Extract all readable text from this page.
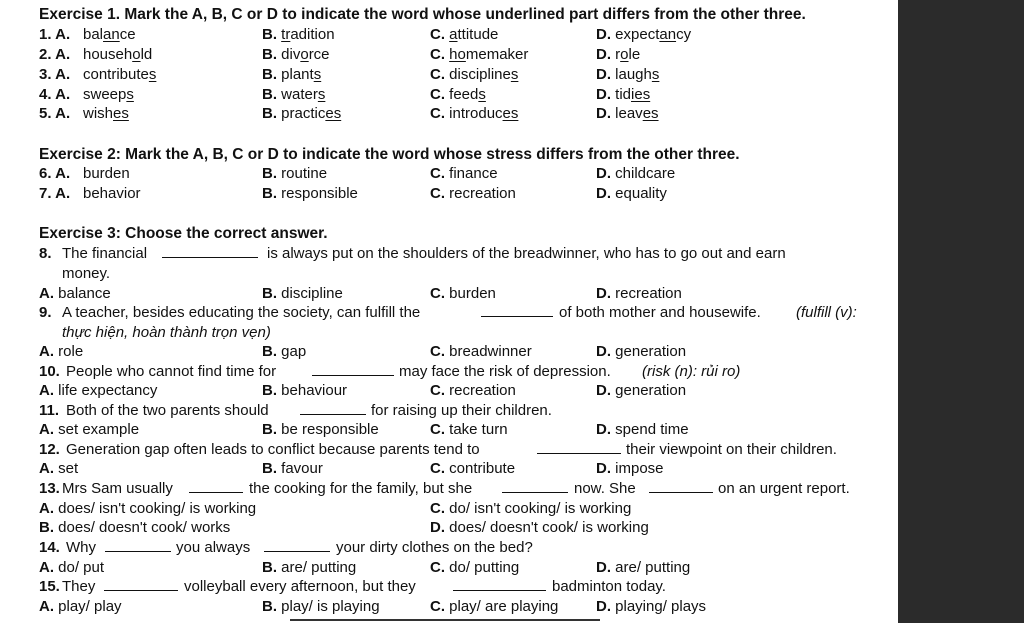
Exercise 1. Mark the A, B, C or D to indicate the word whose underlined part differs from the other three.
1. A. balance	B. tradition	C. attitude	D. expectancy
2. A. household	B. divorce	C. homemaker	D. role
3. A. contributes	B. plants	C. disciplines	D. laughs
4. A. sweeps	B. waters	C. feeds	D. tidies
5. A. wishes	B. practices	C. introduces	D. leaves
Exercise 2: Mark the A, B, C or D to indicate the word whose stress differs from the other three.
6. A. burden	B. routine	C. finance	D. childcare
7. A. behavior	B. responsible	C. recreation	D. equality
Exercise 3: Choose the correct answer.
8. The financial	is always put on the shoulders of the breadwinner, who has to go out and earn
money.
A. balance	B. discipline	C. burden	D. recreation
9. A teacher, besides educating the society, can fulfill the	of both mother and housewife. (fulfill (v):
thực hiện, hoàn thành trọn vẹn)
A. role	B. gap	C. breadwinner	D. generation
10. People who cannot find time for	may face the risk of depression. (risk (n): rủi ro)
A. life expectancy	B. behaviour	C. recreation	D. generation
11. Both of the two parents should	for raising up their children.
A. set example	B. be responsible	C. take turn	D. spend time
12. Generation gap often leads to conflict because parents tend to	their viewpoint on their children.
A. set	B. favour	C. contribute	D. impose
13. Mrs Sam usually	the cooking for the family, but she	now. She	on an urgent report.
A. does/ isn't cooking/ is working	C. do/ isn't cooking/ is working
B. does/ doesn't cook/ works	D. does/ doesn't cook/ is working
14. Why	you always	your dirty clothes on the bed?
A. do/ put	B. are/ putting	C. do/ putting	D. are/ putting
15. They	volleyball every afternoon, but they	badminton today.
A. play/ play	B. play/ is playing	C. play/ are playing	D. playing/ plays
